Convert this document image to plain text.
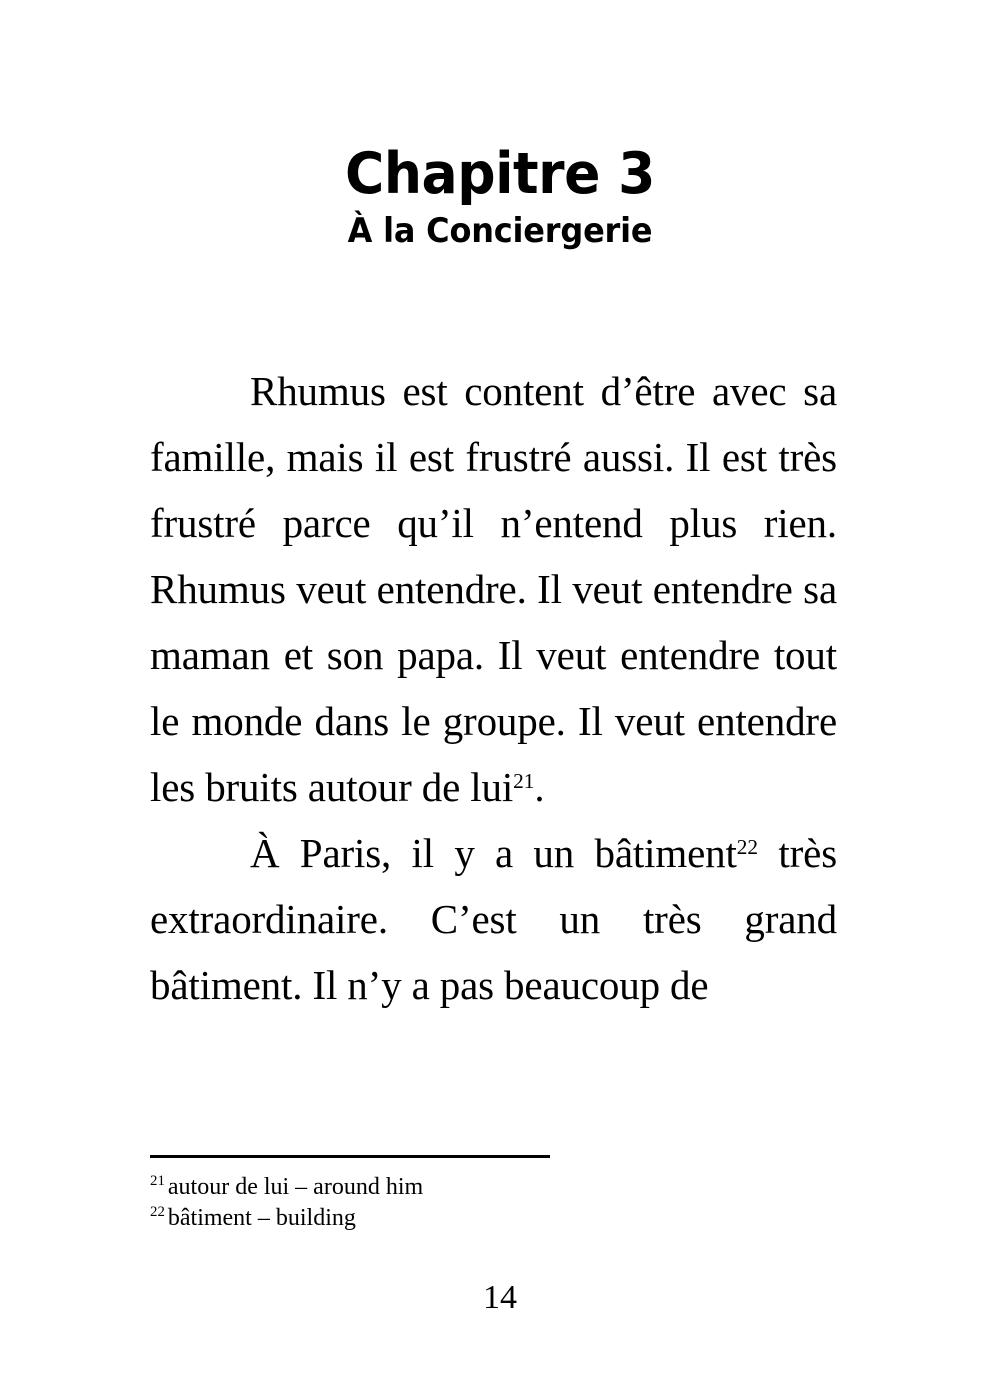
Chapitre 3
À la Conciergerie

Rhumus est content d’être avec sa famille, mais il est frustré aussi. Il est très frustré parce qu’il n’entend plus rien. Rhumus veut entendre. Il veut entendre sa maman et son papa. Il veut entendre tout le monde dans le groupe. Il veut entendre les bruits autour de lui$^{21}$.

À Paris, il y a un bâtiment$^{22}$ très extraordinaire. C’est un très grand bâtiment. Il n’y a pas beaucoup de

$^{21}$ autour de lui – around him
$^{22}$ bâtiment – building
14
